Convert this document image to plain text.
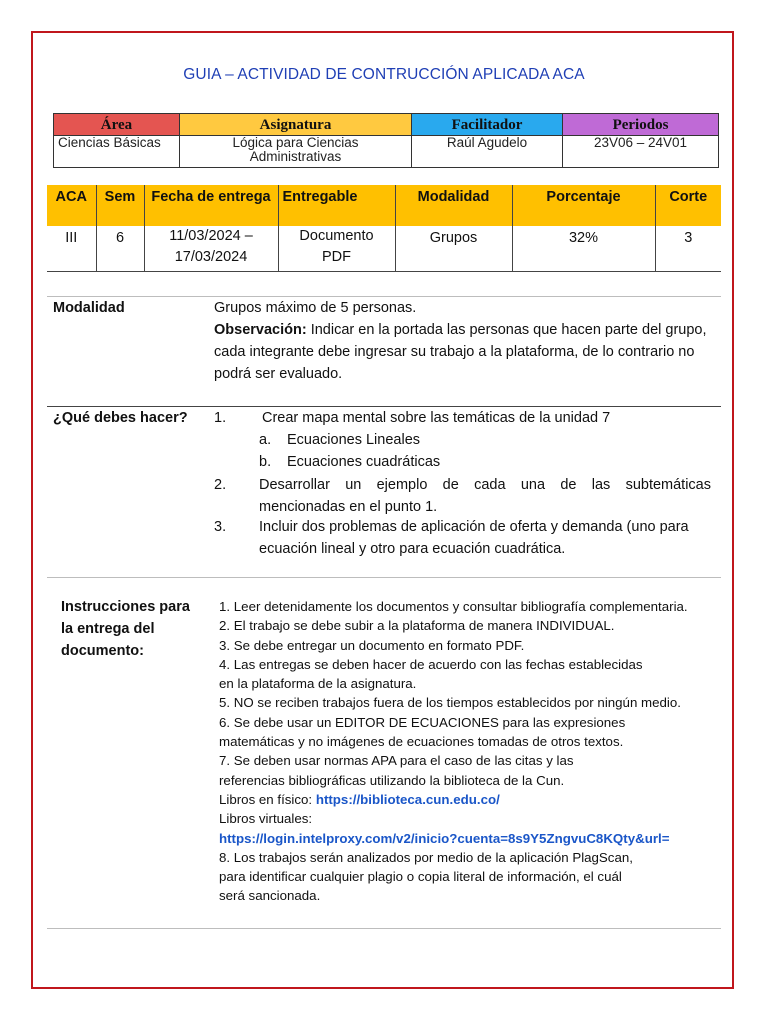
GUIA – ACTIVIDAD DE CONTRUCCIÓN APLICADA ACA
Área	Asignatura	Facilitador	Periodos
Ciencias Básicas	Lógica para Ciencias Administrativas	Raúl Agudelo	23V06 – 24V01
ACA	Sem	Fecha de entrega	Entregable	Modalidad	Porcentaje	Corte
III	6	11/03/2024 – 17/03/2024	Documento PDF	Grupos	32%	3
Modalidad	Grupos máximo de 5 personas.
Observación: Indicar en la portada las personas que hacen parte del grupo, cada integrante debe ingresar su trabajo a la plataforma, de lo contrario no podrá ser evaluado.
¿Qué debes hacer? 1. Crear mapa mental sobre las temáticas de la unidad 7
a. Ecuaciones Lineales
b. Ecuaciones cuadráticas
2. Desarrollar un ejemplo de cada una de las subtemáticas mencionadas en el punto 1.
3. Incluir dos problemas de aplicación de oferta y demanda (uno para ecuación lineal y otro para ecuación cuadrática.
Instrucciones para la entrega del documento:
1. Leer detenidamente los documentos y consultar bibliografía complementaria.
2. El trabajo se debe subir a la plataforma de manera INDIVIDUAL.
3. Se debe entregar un documento en formato PDF.
4. Las entregas se deben hacer de acuerdo con las fechas establecidas
en la plataforma de la asignatura.
5. NO se reciben trabajos fuera de los tiempos establecidos por ningún medio.
6. Se debe usar un EDITOR DE ECUACIONES para las expresiones
matemáticas y no imágenes de ecuaciones tomadas de otros textos.
7. Se deben usar normas APA para el caso de las citas y las
referencias bibliográficas utilizando la biblioteca de la Cun.
Libros en físico: https://biblioteca.cun.edu.co/
Libros virtuales:
https://login.intelproxy.com/v2/inicio?cuenta=8s9Y5ZngvuC8KQty&url=
8. Los trabajos serán analizados por medio de la aplicación PlagScan,
para identificar cualquier plagio o copia literal de información, el cuál
será sancionada.
